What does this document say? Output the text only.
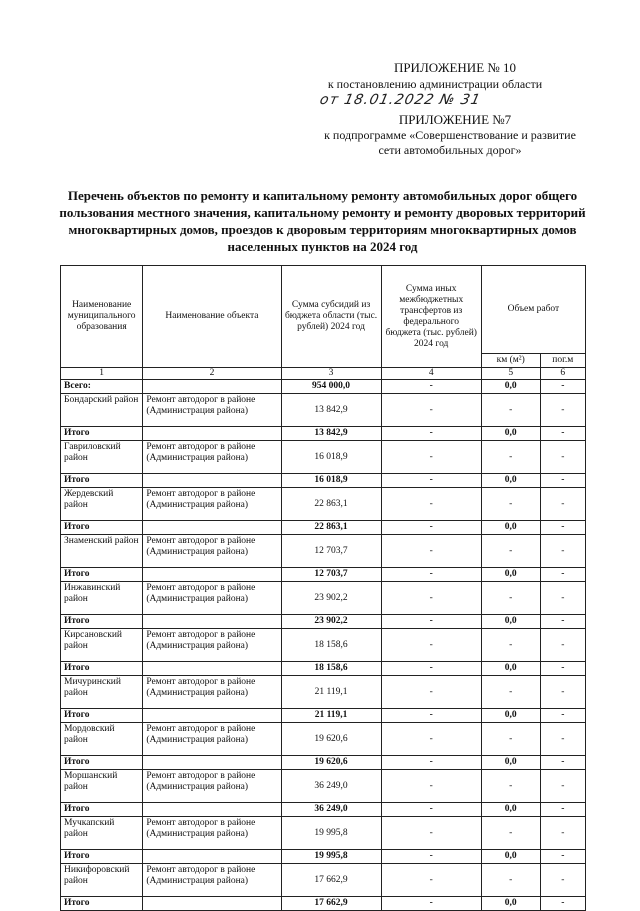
ПРИЛОЖЕНИЕ № 10
к постановлению администрации области
от 18.01.2022 № 31
ПРИЛОЖЕНИЕ №7
к подпрограмме «Совершенствование и развитие
сети автомобильных дорог»
Перечень объектов по ремонту и капитальному ремонту автомобильных дорог общего
пользования местного значения, капитальному ремонту и ремонту дворовых территорий
многоквартирных домов, проездов к дворовым территориям многоквартирных домов
населенных пунктов на 2024 год
Наименование муниципального образования	Наименование объекта	Сумма субсидий из бюджета области (тыс. рублей) 2024 год	Сумма иных межбюджетных трансфертов из федерального бюджета (тыс. рублей) 2024 год	Объем работ	
				км (м²)	пог.м
1	2	3	4	5	6
Всего:		954 000,0	-	0,0	-
Бондарский район	Ремонт автодорог в районе (Администрация района)	13 842,9	-	-	-
Итого		13 842,9	-	0,0	-
Гавриловский район	Ремонт автодорог в районе (Администрация района)	16 018,9	-	-	-
Итого		16 018,9	-	0,0	-
Жердевский район	Ремонт автодорог в районе (Администрация района)	22 863,1	-	-	-
Итого		22 863,1	-	0,0	-
Знаменский район	Ремонт автодорог в районе (Администрация района)	12 703,7	-	-	-
Итого		12 703,7	-	0,0	-
Инжавинский район	Ремонт автодорог в районе (Администрация района)	23 902,2	-	-	-
Итого		23 902,2	-	0,0	-
Кирсановский район	Ремонт автодорог в районе (Администрация района)	18 158,6	-	-	-
Итого		18 158,6	-	0,0	-
Мичуринский район	Ремонт автодорог в районе (Администрация района)	21 119,1	-	-	-
Итого		21 119,1	-	0,0	-
Мордовский район	Ремонт автодорог в районе (Администрация района)	19 620,6	-	-	-
Итого		19 620,6	-	0,0	-
Моршанский район	Ремонт автодорог в районе (Администрация района)	36 249,0	-	-	-
Итого		36 249,0	-	0,0	-
Мучкапский район	Ремонт автодорог в районе (Администрация района)	19 995,8	-	-	-
Итого		19 995,8	-	0,0	-
Никифоровский район	Ремонт автодорог в районе (Администрация района)	17 662,9	-	-	-
Итого		17 662,9	-	0,0	-
